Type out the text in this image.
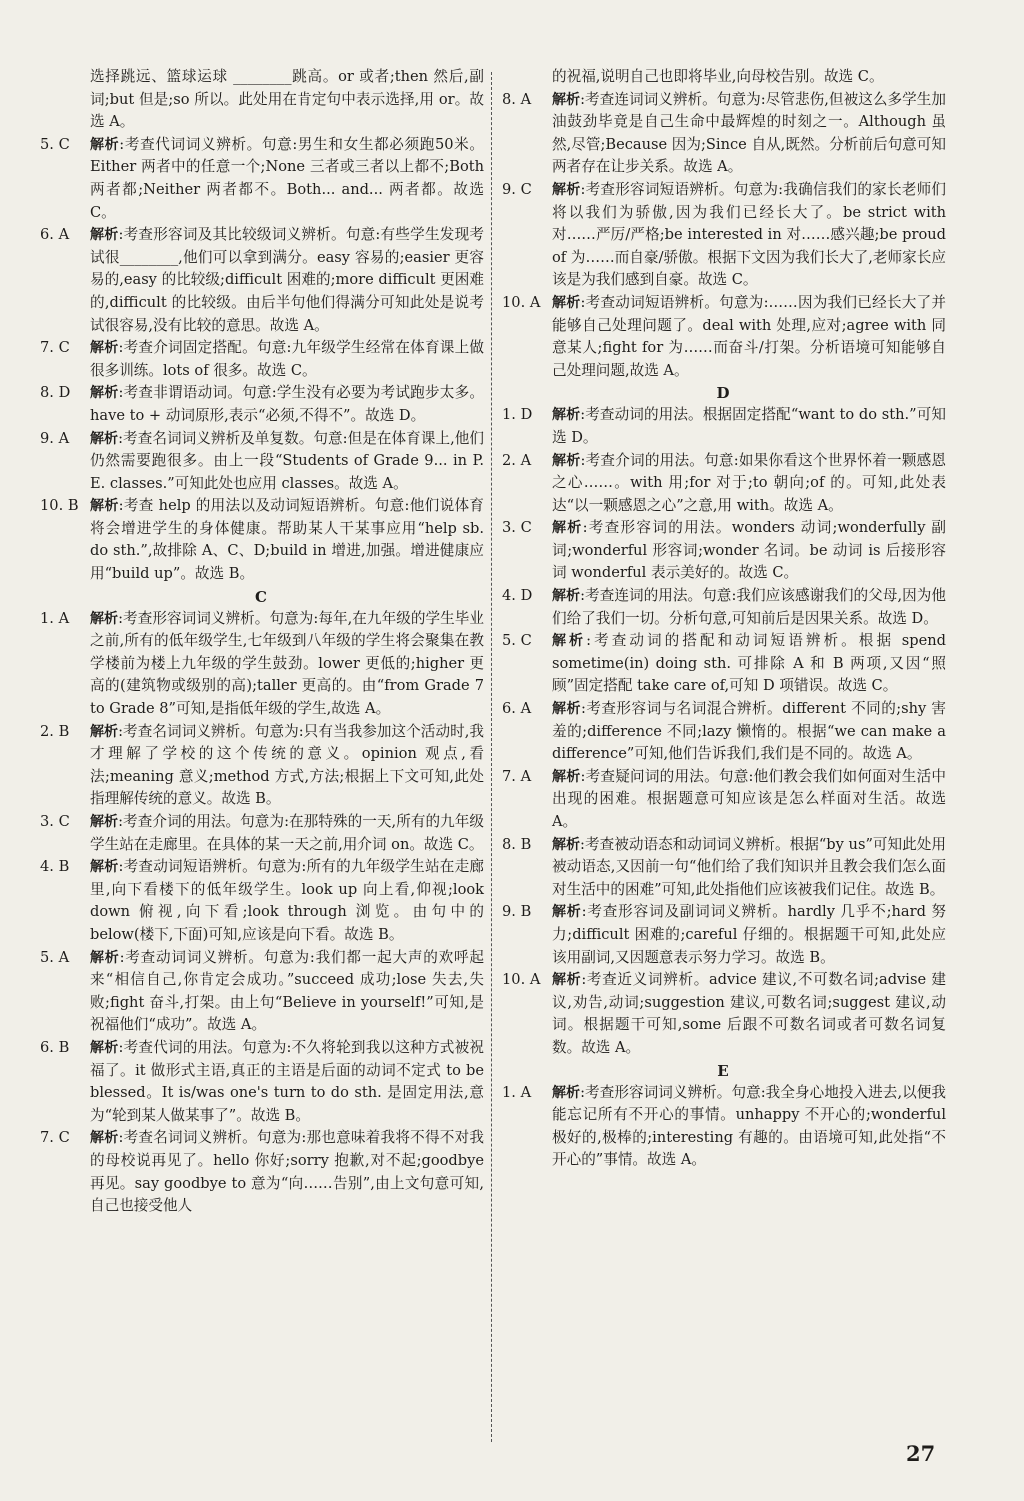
选择跳远、篮球运球 ________跳高。or 或者;then 然后,副词;but 但是;so 所以。此处用在肯定句中表示选择,用 or。故选 A。
5. C	解析:考查代词词义辨析。句意:男生和女生都必须跑50米。Either 两者中的任意一个;None 三者或三者以上都不;Both 两者都;Neither 两者都不。Both... and... 两者都。故选 C。
6. A	解析:考查形容词及其比较级词义辨析。句意:有些学生发现考试很________,他们可以拿到满分。easy 容易的;easier 更容易的,easy 的比较级;difficult 困难的;more difficult 更困难的,difficult 的比较级。由后半句他们得满分可知此处是说考试很容易,没有比较的意思。故选 A。
7. C	解析:考查介词固定搭配。句意:九年级学生经常在体育课上做很多训练。lots of 很多。故选 C。
8. D	解析:考查非谓语动词。句意:学生没有必要为考试跑步太多。have to + 动词原形,表示“必须,不得不”。故选 D。
9. A	解析:考查名词词义辨析及单复数。句意:但是在体育课上,他们仍然需要跑很多。由上一段“Students of Grade 9... in P. E. classes.”可知此处也应用 classes。故选 A。
10. B 解析:考查 help 的用法以及动词短语辨析。句意:他们说体育将会增进学生的身体健康。帮助某人干某事应用“help sb. do sth.”,故排除 A、C、D;build in 增进,加强。增进健康应用“build up”。故选 B。
C
1. A	解析:考查形容词词义辨析。句意为:每年,在九年级的学生毕业之前,所有的低年级学生,七年级到八年级的学生将会聚集在教学楼前为楼上九年级的学生鼓劲。lower 更低的;higher 更高的(建筑物或级别的高);taller 更高的。由“from Grade 7 to Grade 8”可知,是指低年级的学生,故选 A。
2. B	解析:考查名词词义辨析。句意为:只有当我参加这个活动时,我才理解了学校的这个传统的意义。opinion 观点,看法;meaning 意义;method 方式,方法;根据上下文可知,此处指理解传统的意义。故选 B。
3. C	解析:考查介词的用法。句意为:在那特殊的一天,所有的九年级学生站在走廊里。在具体的某一天之前,用介词 on。故选 C。
4. B	解析:考查动词短语辨析。句意为:所有的九年级学生站在走廊里,向下看楼下的低年级学生。look up 向上看,仰视;look down 俯视,向下看;look through 浏览。由句中的 below(楼下,下面)可知,应该是向下看。故选 B。
5. A	解析:考查动词词义辨析。句意为:我们都一起大声的欢呼起来“相信自己,你肯定会成功。”succeed 成功;lose 失去,失败;fight 奋斗,打架。由上句“Believe in yourself!”可知,是祝福他们“成功”。故选 A。
6. B	解析:考查代词的用法。句意为:不久将轮到我以这种方式被祝福了。it 做形式主语,真正的主语是后面的动词不定式 to be blessed。It is/was one's turn to do sth. 是固定用法,意为“轮到某人做某事了”。故选 B。
7. C	解析:考查名词词义辨析。句意为:那也意味着我将不得不对我的母校说再见了。hello 你好;sorry 抱歉,对不起;goodbye 再见。say goodbye to 意为“向……告别”,由上文句意可知,自己也接受他人
的祝福,说明自己也即将毕业,向母校告别。故选 C。
8. A	解析:考查连词词义辨析。句意为:尽管悲伤,但被这么多学生加油鼓劲毕竟是自己生命中最辉煌的时刻之一。Although 虽然,尽管;Because 因为;Since 自从,既然。分析前后句意可知两者存在让步关系。故选 A。
9. C	解析:考查形容词短语辨析。句意为:我确信我们的家长老师们将以我们为骄傲,因为我们已经长大了。be strict with 对……严厉/严格;be interested in 对……感兴趣;be proud of 为……而自豪/骄傲。根据下文因为我们长大了,老师家长应该是为我们感到自豪。故选 C。
10. A 解析:考查动词短语辨析。句意为:……因为我们已经长大了并能够自己处理问题了。deal with 处理,应对;agree with 同意某人;fight for 为……而奋斗/打架。分析语境可知能够自己处理问题,故选 A。
D
1. D	解析:考查动词的用法。根据固定搭配“want to do sth.”可知选 D。
2. A	解析:考查介词的用法。句意:如果你看这个世界怀着一颗感恩之心……。with 用;for 对于;to 朝向;of 的。可知,此处表达“以一颗感恩之心”之意,用 with。故选 A。
3. C	解析:考查形容词的用法。wonders 动词;wonderfully 副词;wonderful 形容词;wonder 名词。be 动词 is 后接形容词 wonderful 表示美好的。故选 C。
4. D	解析:考查连词的用法。句意:我们应该感谢我们的父母,因为他们给了我们一切。分析句意,可知前后是因果关系。故选 D。
5. C	解析:考查动词的搭配和动词短语辨析。根据 spend sometime(in) doing sth. 可排除 A 和 B 两项,又因“照顾”固定搭配 take care of,可知 D 项错误。故选 C。
6. A	解析:考查形容词与名词混合辨析。different 不同的;shy 害羞的;difference 不同;lazy 懒惰的。根据“we can make a difference”可知,他们告诉我们,我们是不同的。故选 A。
7. A	解析:考查疑问词的用法。句意:他们教会我们如何面对生活中出现的困难。根据题意可知应该是怎么样面对生活。故选 A。
8. B	解析:考查被动语态和动词词义辨析。根据“by us”可知此处用被动语态,又因前一句“他们给了我们知识并且教会我们怎么面对生活中的困难”可知,此处指他们应该被我们记住。故选 B。
9. B	解析:考查形容词及副词词义辨析。hardly 几乎不;hard 努力;difficult 困难的;careful 仔细的。根据题干可知,此处应该用副词,又因题意表示努力学习。故选 B。
10. A 解析:考查近义词辨析。advice 建议,不可数名词;advise 建议,劝告,动词;suggestion 建议,可数名词;suggest 建议,动词。根据题干可知,some 后跟不可数名词或者可数名词复数。故选 A。
E
1. A	解析:考查形容词词义辨析。句意:我全身心地投入进去,以便我能忘记所有不开心的事情。unhappy 不开心的;wonderful 极好的,极棒的;interesting 有趣的。由语境可知,此处指“不开心的”事情。故选 A。
27
